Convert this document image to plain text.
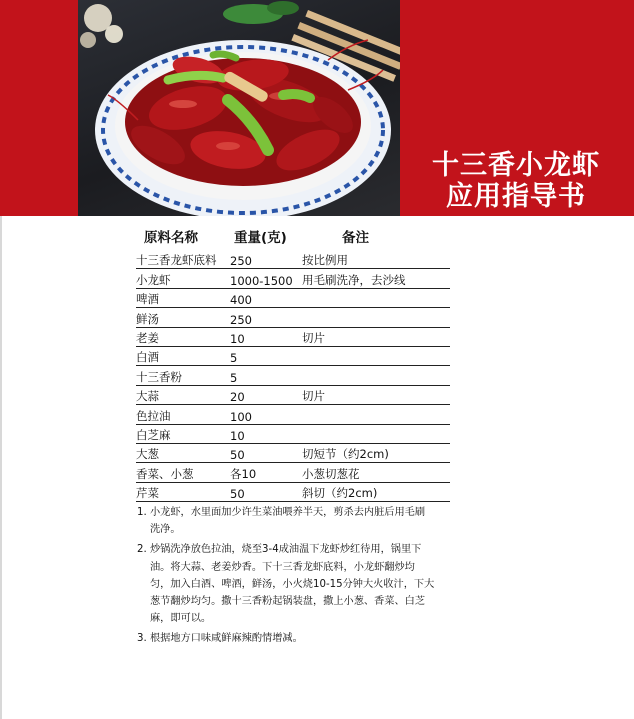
十三香小龙虾
应用指导书
原料名称	重量(克)	备注
十三香龙虾底料	250	按比例用
小龙虾	1000-1500	用毛刷洗净，去沙线
啤酒	400	
鲜汤	250	
老姜	10	切片
白酒	5	
十三香粉	5	
大蒜	20	切片
色拉油	100	
白芝麻	10	
大葱	50	切短节（约2cm)
香菜、小葱	各10	小葱切葱花
芹菜	50	斜切（约2cm)
1. 小龙虾，水里面加少许生菜油喂养半天，剪杀去内脏后用毛刷洗净。
2. 炒锅洗净放色拉油，烧至3-4成油温下龙虾炒红待用，锅里下油。将大蒜、老姜炒香。下十三香龙虾底料，小龙虾翻炒均匀，加入白酒、啤酒，鲜汤，小火烧10-15分钟大火收汁，下大葱节翻炒均匀。撒十三香粉起锅装盘，撒上小葱、香菜、白芝麻，即可以。
3. 根据地方口味咸鲜麻辣酌情增减。
